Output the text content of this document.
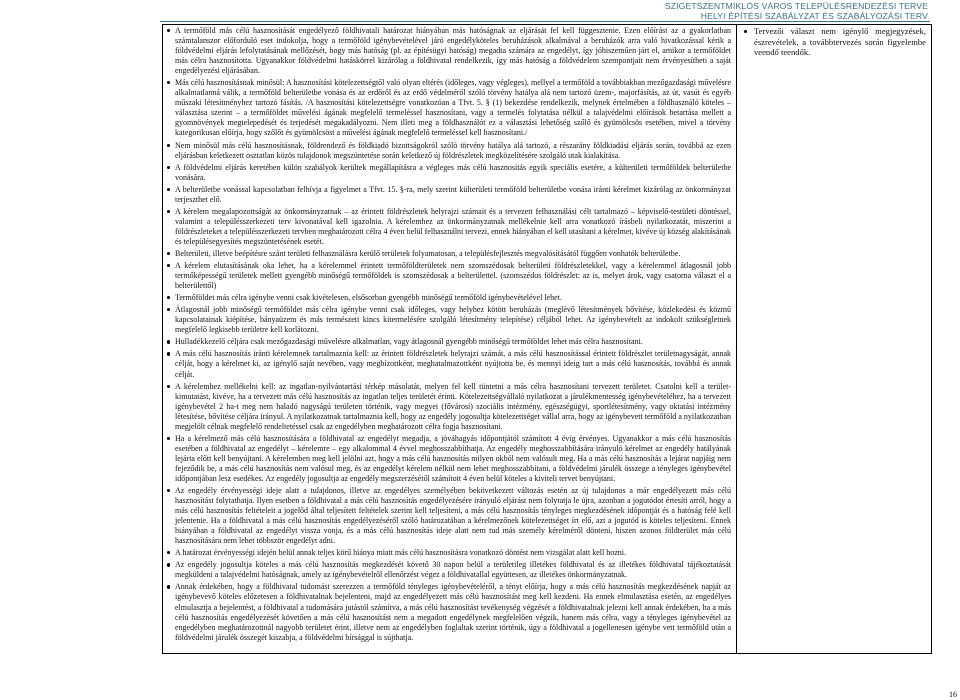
SZIGETSZENTMIKLÓS VÁROS TELEPÜLÉSRENDEZÉSI TERVE
HELYI ÉPÍTÉSI SZABÁLYZAT ÉS SZABÁLYOZÁSI TERV
A termőföld más célú hasznosítását engedélyező földhivatali határozat hiányában más hatóságnak az eljárását fel kell függesztenie. Ezen előírást az a gyakorlatban számtalanszor előforduló eset indokolja, hogy a termőföld igénybevételével járó engedélyköteles beruházások alkalmával a beruházók arra való hivatkozással kérik a földvédelmi eljárás lefolytatásának mellőzését, hogy más hatóság (pl. az építésügyi hatóság) megadta számára az engedélyt, így jóhiszeműen járt el, amikor a termőföldet más célra hasznosította. Ugyanakkor földvédelmi hatáskörrel kizárólag a földhivatal rendelkezik, így más hatóság a földvédelem szempontjait nem érvényesítheti a saját engedélyezési eljárásában.
Más célú hasznosításnak minősül: A hasznosítási kötelezettségtől való olyan eltérés (időleges, vagy végleges), mellyel a termőföld a továbbiakban mezőgazdasági művelésre alkalmatlanná válik, a termőföld belterületbe vonása és az erdőről és az erdő védelméről szóló törvény hatálya alá nem tartozó üzem-, majorfásítás, az út, vasút és egyéb műszaki létesítményhez tartozó fásítás. /A hasznosítási kötelezettségre vonatkozóan a Tfvt. 5. § (1) bekezdése rendelkezik, melynek értelmében a földhasználó köteles – választása szerint – a termőföldet művelési ágának megfelelő termeléssel hasznosítani, vagy a termelés folytatása nélkül a talajvédelmi előírások betartása mellett a gyomnövények megtelepedését és terjedését megakadályozni. Nem illeti meg a földhasználót ez a választási lehetőség szőlő és gyümölcsös esetében, mivel a törvény kategorikusan előírja, hogy szőlőt és gyümölcsöst a művelési ágának megfelelő termeléssel kell hasznosítani./
Nem minősül más célú hasznosításnak, földrendező és földkiadó bizottságokról szóló törvény hatálya alá tartozó, a részarány földkiadási eljárás során, továbbá az ezen eljárásban keletkezett osztatlan közös tulajdonok megszüntetése során keletkező új földrészletek megközelítésére szolgáló utak kialakítása.
A földvédelmi eljárás keretében külön szabályok kerültek megállapításra a végleges más célú hasznosítás egyik speciális esetére, a külterületi termőföldek belterületbe vonására.
A belterületbe vonással kapcsolatban felhívja a figyelmet a Tfvt. 15. §-ra, mely szerint külterületi termőföld belterületbe vonása iránti kérelmet kizárólag az önkormányzat terjeszthet elő.
A kérelem megalapozottságát az önkormányzatnak – az érintett földrészletek helyrajzi számait és a tervezett felhasználási célt tartalmazó – képviselő-testületi döntéssel, valamint a településszerkezeti terv kivonatával kell igazolnia. A kérelemhez az önkormányzatnak mellékelnie kell arra vonatkozó írásbeli nyilatkozatát, miszerint a földrészleteket a településszerkezeti tervben meghatározott célra 4 éven belül felhasználni tervezi, ennek hiányában el kell utasítani a kérelmet, kivéve új község alakításának és településegyesítés megszüntetésének esetét.
Belterületi, illetve beépítésre szánt területi felhasználásra kerülő területek folyamatosan, a településfejlesztés megvalósításától függően vonhatók belterületbe.
A kérelem elutasításának oka lehet, ha a kérelemmel érintett termőföldterületek nem szomszédosak belterületi földrészletekkel, vagy a kérelemmel átlagosnál jobb termőképességű területek mellett gyengébb minőségű termőföldek is szomszédosak a belterülettel. (szomszédos földrészlet: az is, melyet árok, vagy csatorna választ el a belterülettől)
Termőföldet más célra igénybe venni csak kivételesen, elsősorban gyengébb minőségű termőföld igénybevételével lehet.
Átlagosnál jobb minőségű termőföldet más célra igénybe venni csak időleges, vagy helyhez kötött beruházás (meglévő létesítmények bővítése, közlekedési és közmű kapcsolatainak kiépítése, bányaüzem és más természeti kincs kitermelésére szolgáló létesítmény telepítése) céljából lehet. Az igénybevételt az indokolt szükségletnek megfelelő legkisebb területre kell korlátozni.
Hulladékkezelő céljára csak mezőgazdasági művelésre alkalmatlan, vagy átlagosnál gyengébb minőségű termőföldet lehet más célra hasznosítani.
A más célú hasznosítás iránti kérelemnek tartalmaznia kell: az érintett földrészletek helyrajzi számát, a más célú hasznosítással érintett földrészlet területnagyságát, annak célját, hogy a kérelmet ki, az igénylő saját nevében, vagy megbízottként, meghatalmazottként nyújtotta be, és mennyi ideig tart a más célú hasznosítás, továbbá és annak célját.
A kérelemhez mellékelni kell: az ingatlan-nyilvántartási térkép másolatát, melyen fel kell tüntetni a más célra hasznosítani tervezett területet. Csatolni kell a terület-kimutatást, kivéve, ha a tervezett más célú hasznosítás az ingatlan teljes területét érinti. Kötelezettségvállaló nyilatkozat a járulékmentesség igénybevételéhez, ha a tervezett igénybevétel 2 ha-t meg nem haladó nagyságú területen történik, vagy megyei (fővárosi) szociális intézmény, egészségügyi, sportlétesítmény, vagy oktatási intézmény létesítése, bővítése céljára irányul. A nyilatkozatnak tartalmaznia kell, hogy az engedély jogosultja kötelezettséget vállal arra, hogy az igénybevett termőföld a nyilatkozatban megjelölt célnak megfelelő rendeltetéssel csak az engedélyben meghatározott célra fogja hasznosítani.
Ha a kérelmező más célú hasznosítására a földhivatal az engedélyt megadja, a jóváhagyás időpontjától számított 4 évig érvényes. Ugyanakkor a más célú hasznosítás esetében a földhivatal az engedélyt – kérelemre – egy alkalommal 4 évvel meghosszabbíthatja. Az engedély meghosszabbítására irányuló kérelmet az engedély hatályának lejárta előtt kell benyújtani. A kérelemben meg kell jelölni azt, hogy a más célú hasznosítás milyen okból nem valósult meg. Ha a más célú hasznosítás a lejárat napjáig nem fejeződik be, a más célú hasznosítás nem valósul meg, és az engedélyt kérelem nélkül nem lehet meghosszabbítani, a földvédelmi járulék összege a tényleges igénybevétel időpontjában lesz esedékes. Az engedély jogosultja az engedély megszerzésétől számított 4 éven belül köteles a kiviteli tervet benyújtani.
Az engedély érvényességi ideje alatt a tulajdonos, illetve az engedélyes személyében bekövetkezett változás esetén az új tulajdonos a már engedélyezett más célú hasznosítást folytathatja. Ilyen esetben a földhivatal a más célú hasznosítás engedélyezésére irányuló eljárást nem folytatja le újra, azonban a jogutódot értesíti arról, hogy a más célú hasznosítás feltételeit a jogelőd által teljesített feltételek szerint kell teljesíteni, a más célú hasznosítás tényleges megkezdésének időpontját és a hatóság felé kell jelentenie. Ha a földhivatal a más célú hasznosítás engedélyezéséről szóló határozatában a kérelmezőnek kötelezettséget írt elő, azt a jogutód is köteles teljesíteni. Ennek hiányában a földhivatal az engedélyt vissza vonja, és a más célú hasznosítás ideje alatt nem tud más személy kérelméről dönteni, hiszen azonos földterület más célú hasznosítására nem lehet többször engedélyt adni.
A határozat érvényességi idején belül annak teljes körű hiánya miatt más célú hasznosításra vonatkozó döntést nem vizsgálat alatt kell hozni.
Az engedély jogosultja köteles a más célú hasznosítás megkezdését követő 30 napon belül a területileg illetékes földhivatal és az illetékes földhivatal tájékoztatását megküldeni a talajvédelmi hatóságnak, amely az igénybevételről ellenőrzést végez a földhivatallal együttesen, az illetékes önkormányzatnak.
Annak érdekében, hogy a földhivatal tudomást szerezzen a termőföld tényleges igénybevételéről, a tényt előírja, hogy a más célú hasznosítás megkezdésének napját az igénybevevő köteles előzetesen a földhivatalnak bejelenteni, majd az engedélyezett más célú hasznosítást meg kell kezdeni. Ha ennek elmulasztása esetén, az engedélyes elmulasztja a bejelentést, a földhivatal a tudomására jutástól számítva, a más célú hasznosítást tevékenység végzését a földhivatalnak jelezni kell annak érdekében, ha a más célú hasznosítás engedélyezését követően a más célú hasznosítást nem a megadott engedélynek megfelelően végzik, hanem más célra, vagy a tényleges igénybevétel az engedélyben meghatározottnál nagyobb területet érint, illetve nem az engedélyben foglaltak szerint történik, úgy a földhivatal a jogellenesen igénybe vett termőföld után a földvédelmi járulék összegét kiszabja, a földvédelmi bírsággal is sújthatja.
Tervezői választ nem igénylő megjegyzések, észrevételek, a továbbtervezés során figyelembe veendő teendők.
16
